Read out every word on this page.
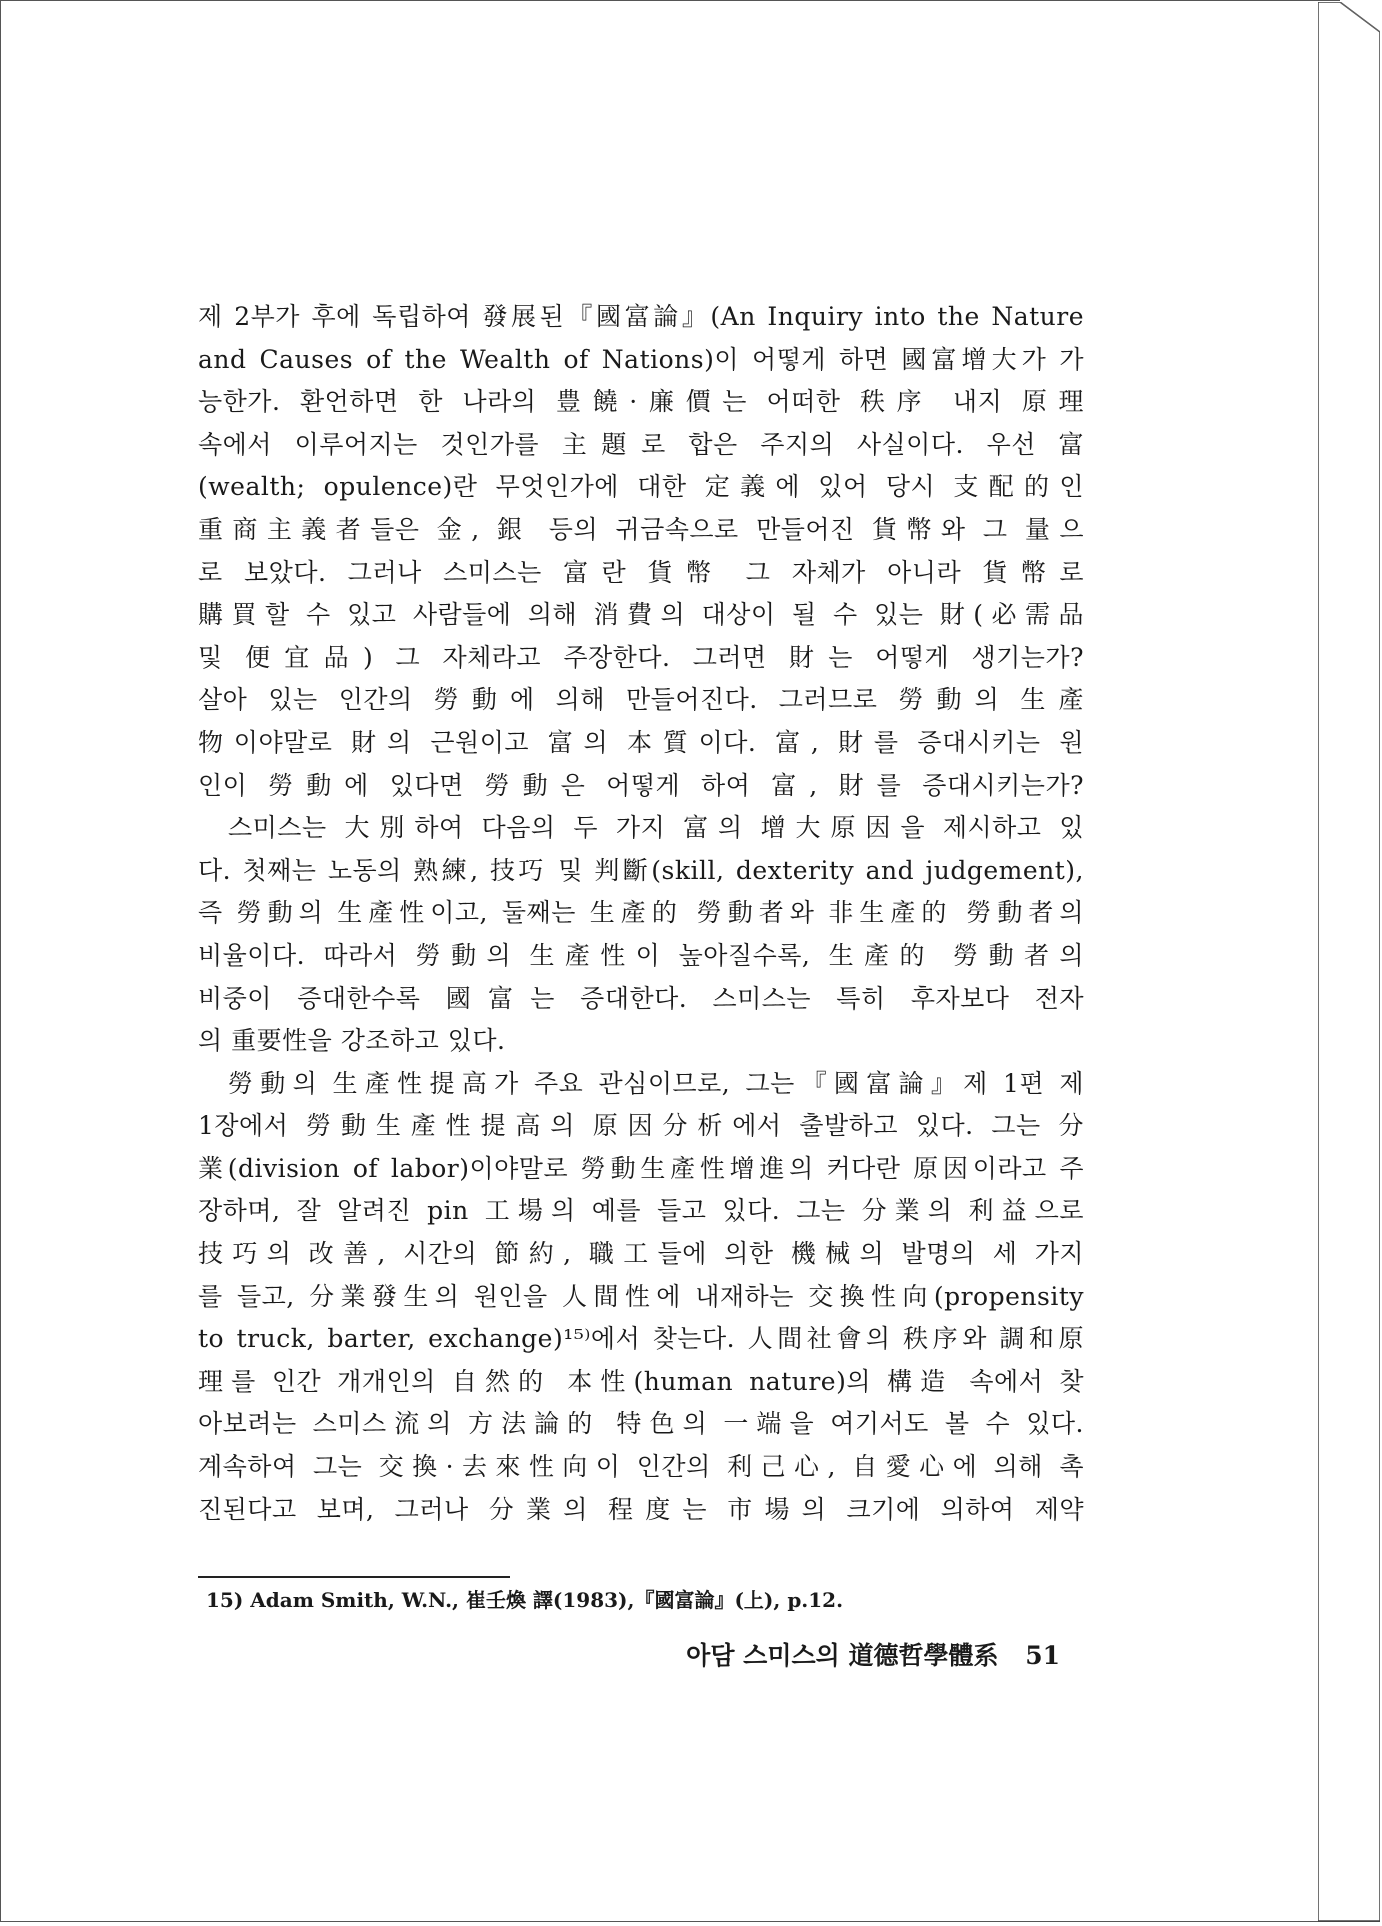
제 2부가 후에 독립하여 發展된『國富論』(An Inquiry into the Nature
and Causes of the Wealth of Nations)이 어떻게 하면 國富增大가 가
능한가. 환언하면 한 나라의 豊饒·廉價는 어떠한 秩序 내지 原理
속에서 이루어지는 것인가를 主題로 합은 주지의 사실이다. 우선 富
(wealth; opulence)란 무엇인가에 대한 定義에 있어 당시 支配的인
重商主義者들은 金, 銀 등의 귀금속으로 만들어진 貨幣와 그 量으
로 보았다. 그러나 스미스는 富란 貨幣 그 자체가 아니라 貨幣로
購買할 수 있고 사람들에 의해 消費의 대상이 될 수 있는 財(必需品
및 便宜品) 그 자체라고 주장한다. 그러면 財는 어떻게 생기는가?
살아 있는 인간의 勞動에 의해 만들어진다. 그러므로 勞動의 生產
物이야말로 財의 근원이고 富의 本質이다. 富, 財를 증대시키는 원
인이 勞動에 있다면 勞動은 어떻게 하여 富, 財를 증대시키는가?
스미스는 大別하여 다음의 두 가지 富의 增大原因을 제시하고 있
다. 첫째는 노동의 熟練, 技巧 및 判斷(skill, dexterity and judgement),
즉 勞動의 生產性이고, 둘째는 生產的 勞動者와 非生產的 勞動者의
비율이다. 따라서 勞動의 生產性이 높아질수록, 生產的 勞動者의
비중이 증대한수록 國富는 증대한다. 스미스는 특히 후자보다 전자
의 重要性을 강조하고 있다.
勞動의 生產性提高가 주요 관심이므로, 그는『國富論』제 1편 제
1장에서 勞動生產性提高의 原因分析에서 출발하고 있다. 그는 分
業(division of labor)이야말로 勞動生產性增進의 커다란 原因이라고 주
장하며, 잘 알려진 pin 工場의 예를 들고 있다. 그는 分業의 利益으로
技巧의 改善, 시간의 節約, 職工들에 의한 機械의 발명의 세 가지
를 들고, 分業發生의 원인을 人間性에 내재하는 交換性向(propensity
to truck, barter, exchange)¹⁵⁾에서 찾는다. 人間社會의 秩序와 調和原
理를 인간 개개인의 自然的 本性(human nature)의 構造 속에서 찾
아보려는 스미스流의 方法論的 特色의 一端을 여기서도 볼 수 있다.
계속하여 그는 交換·去來性向이 인간의 利己心, 自愛心에 의해 촉
진된다고 보며, 그러나 分業의 程度는 市場의 크기에 의하여 제약
15) Adam Smith, W.N., 崔壬煥 譯(1983),『國富論』(上), p.12.
아담 스미스의 道德哲學體系 51
